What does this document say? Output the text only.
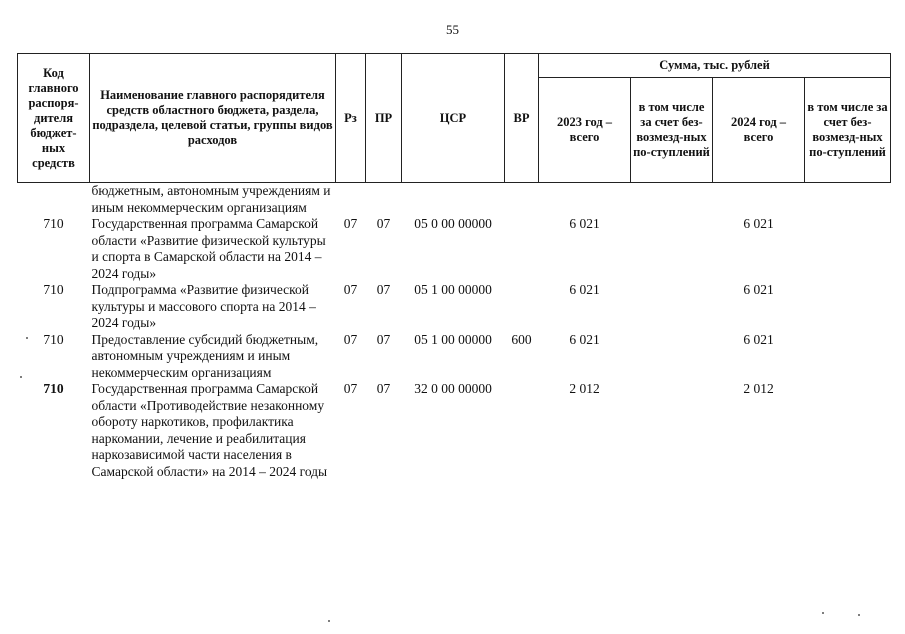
55
Код главного распоря-дителя бюджет-ных средств	Наименование главного распорядителя средств областного бюджета, раздела, подраздела, целевой статьи, группы видов расходов	Рз	ПР	ЦСР	ВР	Сумма, тыс. рублей			
						2023 год – всего	в том числе за счет без-возмезд-ных по-ступлений	2024 год – всего	в том числе за счет без-возмезд-ных по-ступлений
	бюджетным, автономным учреждениям и иным некоммерческим организациям								
710	Государственная программа Самарской области «Развитие физической культуры и спорта в Самарской области на 2014 – 2024 годы»	07	07	05 0 00 00000		6 021		6 021	
710	Подпрограмма «Развитие физической культуры и массового спорта на 2014 – 2024 годы»	07	07	05 1 00 00000		6 021		6 021	
710	Предоставление субсидий бюджетным, автономным учреждениям и иным некоммерческим организациям	07	07	05 1 00 00000	600	6 021		6 021	
710	Государственная программа Самарской области «Противодействие незаконному обороту наркотиков, профилактика наркомании, лечение и реабилитация наркозависимой части населения в Самарской области» на 2014 – 2024 годы	07	07	32 0 00 00000		2 012		2 012	
